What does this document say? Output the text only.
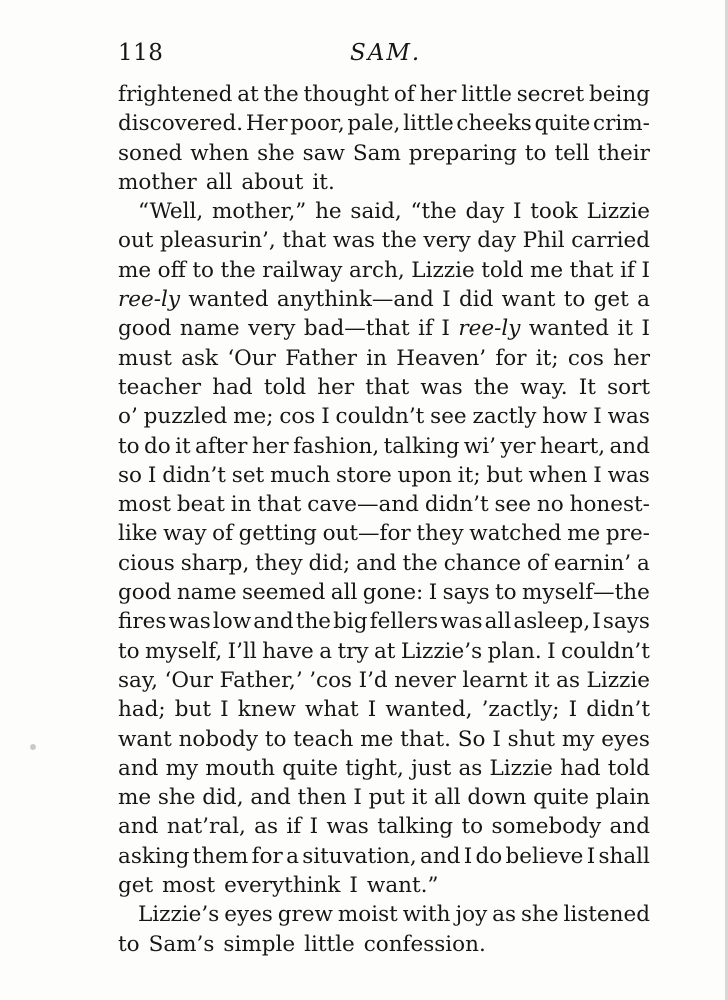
118	SAM.
frightened at the thought of her little secret being
discovered. Her poor, pale, little cheeks quite crim-
soned when she saw Sam preparing to tell their
mother all about it.
“Well, mother,” he said, “the day I took Lizzie
out pleasurin’, that was the very day Phil carried
me off to the railway arch, Lizzie told me that if I
ree-ly wanted anythink—and I did want to get a
good name very bad—that if I ree-ly wanted it I
must ask ‘Our Father in Heaven’ for it; cos her
teacher had told her that was the way. It sort
o’ puzzled me; cos I couldn’t see zactly how I was
to do it after her fashion, talking wi’ yer heart, and
so I didn’t set much store upon it; but when I was
most beat in that cave—and didn’t see no honest-
like way of getting out—for they watched me pre-
cious sharp, they did; and the chance of earnin’ a
good name seemed all gone: I says to myself—the
fires was low and the big fellers was all asleep, I says
to myself, I’ll have a try at Lizzie’s plan. I couldn’t
say, ‘Our Father,’ ’cos I’d never learnt it as Lizzie
had; but I knew what I wanted, ’zactly; I didn’t
want nobody to teach me that. So I shut my eyes
and my mouth quite tight, just as Lizzie had told
me she did, and then I put it all down quite plain
and nat’ral, as if I was talking to somebody and
asking them for a situvation, and I do believe I shall
get most everythink I want.”
Lizzie’s eyes grew moist with joy as she listened
to Sam’s simple little confession.
